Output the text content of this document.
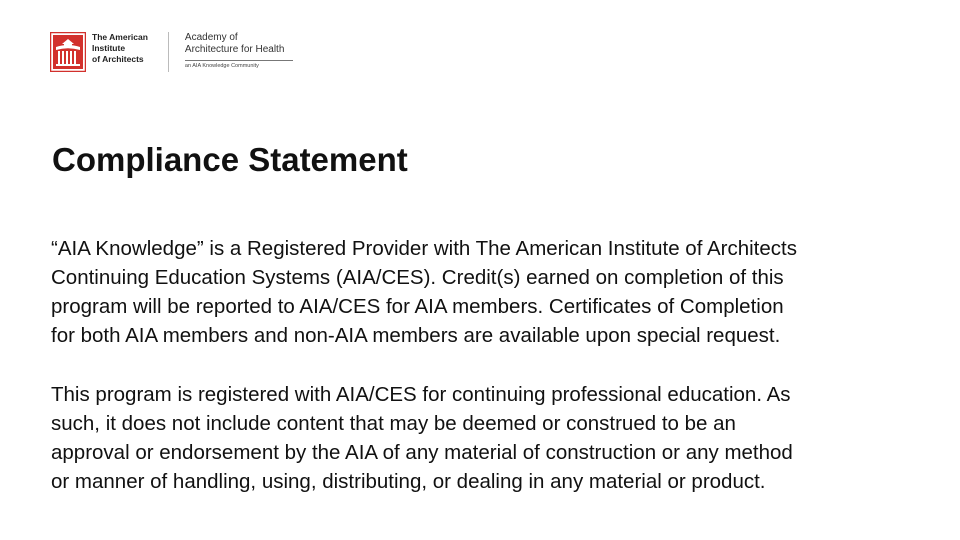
The American
Institute
of Architects
Academy of
Architecture for Health
an AIA Knowledge Community
Compliance Statement

“AIA Knowledge” is a Registered Provider with The American Institute of Architects
Continuing Education Systems (AIA/CES). Credit(s) earned on completion of this
program will be reported to AIA/CES for AIA members. Certificates of Completion
for both AIA members and non-AIA members are available upon special request.

This program is registered with AIA/CES for continuing professional education. As
such, it does not include content that may be deemed or construed to be an
approval or endorsement by the AIA of any material of construction or any method
or manner of handling, using, distributing, or dealing in any material or product.
